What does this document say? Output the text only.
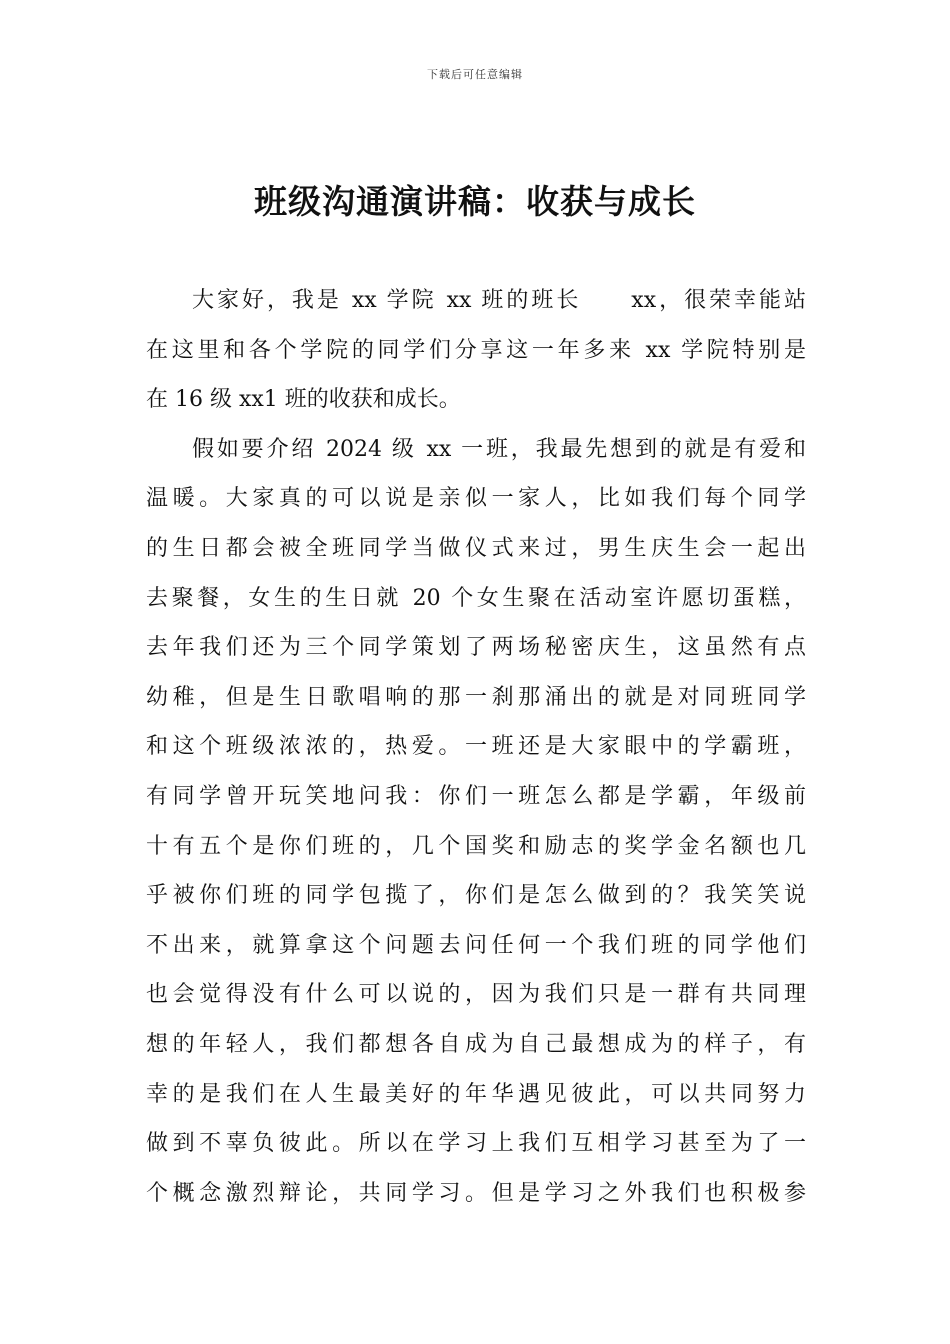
下载后可任意编辑
班级沟通演讲稿：收获与成长
大家好，我是 xx 学院 xx 班的班长　　xx，很荣幸能站
在这里和各个学院的同学们分享这一年多来 xx 学院特别是
在 16 级 xx1 班的收获和成长。
假如要介绍 2024 级 xx 一班，我最先想到的就是有爱和
温暖。大家真的可以说是亲似一家人，比如我们每个同学
的生日都会被全班同学当做仪式来过，男生庆生会一起出
去聚餐，女生的生日就 20 个女生聚在活动室许愿切蛋糕，
去年我们还为三个同学策划了两场秘密庆生，这虽然有点
幼稚，但是生日歌唱响的那一刹那涌出的就是对同班同学
和这个班级浓浓的，热爱。一班还是大家眼中的学霸班，
有同学曾开玩笑地问我：你们一班怎么都是学霸，年级前
十有五个是你们班的，几个国奖和励志的奖学金名额也几
乎被你们班的同学包揽了，你们是怎么做到的？我笑笑说
不出来，就算拿这个问题去问任何一个我们班的同学他们
也会觉得没有什么可以说的，因为我们只是一群有共同理
想的年轻人，我们都想各自成为自己最想成为的样子，有
幸的是我们在人生最美好的年华遇见彼此，可以共同努力
做到不辜负彼此。所以在学习上我们互相学习甚至为了一
个概念激烈辩论，共同学习。但是学习之外我们也积极参
